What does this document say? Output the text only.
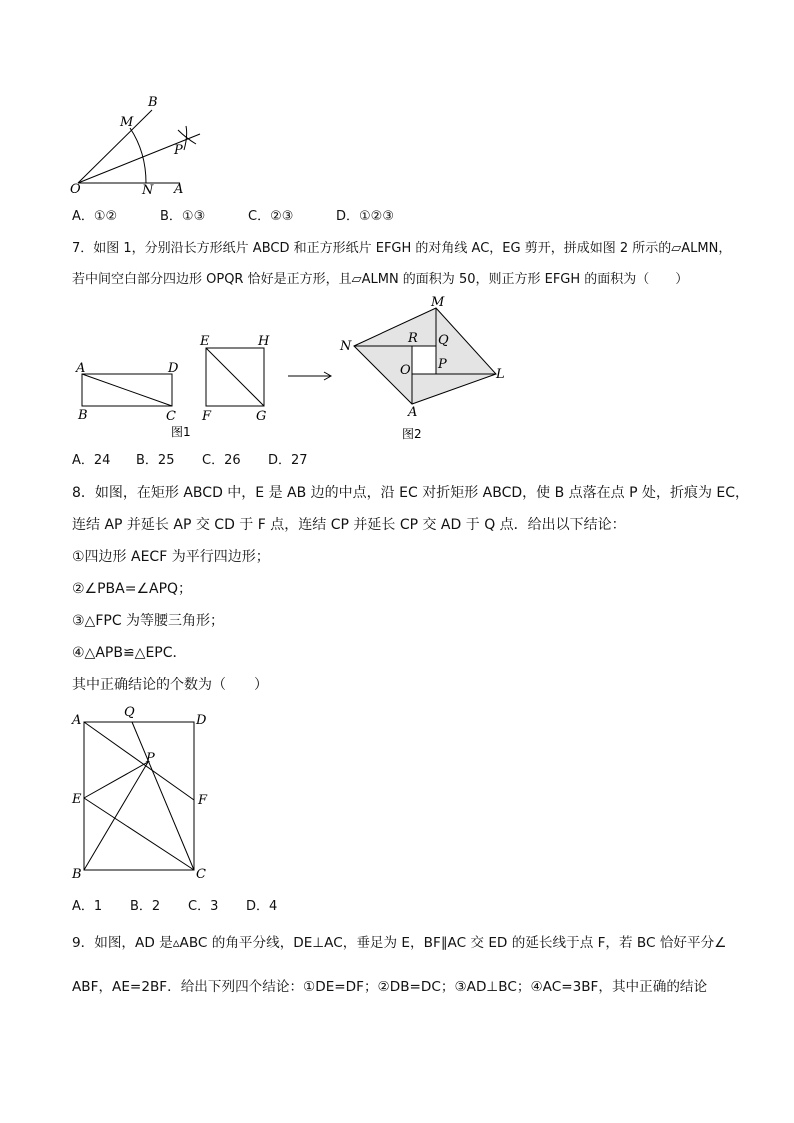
O	N A
M
B
P
A．①②	B．①③	C．②③	D．①②③
7．如图 1，分别沿长方形纸片 ABCD 和正方形纸片 EFGH 的对角线 AC，EG 剪开，拼成如图 2 所示的▱ALMN，
若中间空白部分四边形 OPQR 恰好是正方形，且▱ALMN 的面积为 50，则正方形 EFGH 的面积为（　　）
A	D
B	C
E	H
F	G
图1
M
N
R Q
O P
L
A
图2
A．24 B．25 C．26 D．27
8．如图，在矩形 ABCD 中，E 是 AB 边的中点，沿 EC 对折矩形 ABCD，使 B 点落在点 P 处，折痕为 EC，
连结 AP 并延长 AP 交 CD 于 F 点，连结 CP 并延长 CP 交 AD 于 Q 点．给出以下结论：
①四边形 AECF 为平行四边形；
②∠PBA=∠APQ；
③△FPC 为等腰三角形；
④△APB≌△EPC．
其中正确结论的个数为（　　）
A
Q
D
P
E	F
B	C
A．1 B．2 C．3 D．4
9．如图，AD 是▵ABC 的角平分线，DE⊥AC，垂足为 E，BF∥AC 交 ED 的延长线于点 F，若 BC 恰好平分∠
ABF，AE=2BF．给出下列四个结论：①DE=DF；②DB=DC；③AD⊥BC；④AC=3BF，其中正确的结论
